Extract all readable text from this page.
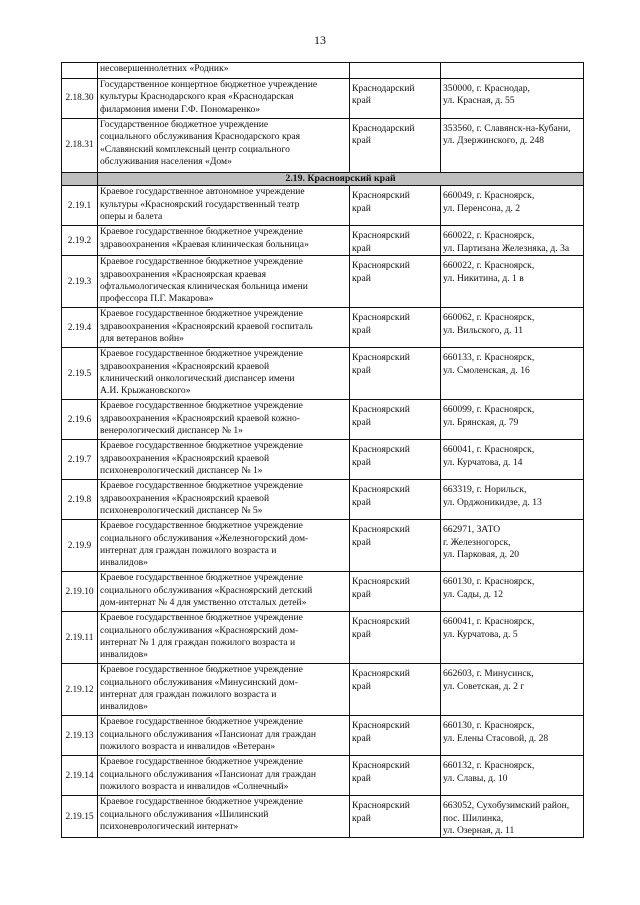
13

	несовершеннолетних «Родник»		

2.18.30	Государственное концертное бюджетное учреждение
культуры Краснодарского края «Краснодарская
филармония имени Г.Ф. Пономаренко»	Краснодарский
край	350000, г. Краснодар,
ул. Красная, д. 55

2.18.31	Государственное бюджетное учреждение
социального обслуживания Краснодарского края
«Славянский комплексный центр социального
обслуживания населения «Дом»	Краснодарский
край	353560, г. Славянск-на-Кубани,
ул. Дзержинского, д. 248

	2.19. Красноярский край		
2.19.1	Краевое государственное автономное учреждение
культуры «Красноярский государственный театр
оперы и балета	Красноярский
край	660049, г. Красноярск,
ул. Перенсона, д. 2

2.19.2	Краевое государственное бюджетное учреждение
здравоохранения «Краевая клиническая больница»	Красноярский
край	660022, г. Красноярск,
ул. Партизана Железняка, д. 3а

2.19.3	Краевое государственное бюджетное учреждение
здравоохранения «Красноярская краевая
офтальмологическая клиническая больница имени
профессора П.Г. Макарова»	Красноярский
край	660022, г. Красноярск,
ул. Никитина, д. 1 в

2.19.4	Краевое государственное бюджетное учреждение
здравоохранения «Красноярский краевой госпиталь
для ветеранов войн»	Красноярский
край	660062, г. Красноярск,
ул. Вильского, д. 11

2.19.5	Краевое государственное бюджетное учреждение
здравоохранения «Красноярский краевой
клинический онкологический диспансер имени
А.И. Крыжановского»	Красноярский
край	660133, г. Красноярск,
ул. Смоленская, д. 16

2.19.6	Краевое государственное бюджетное учреждение
здравоохранения «Красноярский краевой кожно-
венерологический диспансер № 1»	Красноярский
край	660099, г. Красноярск,
ул. Брянская, д. 79

2.19.7	Краевое государственное бюджетное учреждение
здравоохранения «Красноярский краевой
психоневрологический диспансер № 1»	Красноярский
край	660041, г. Красноярск,
ул. Курчатова, д. 14

2.19.8	Краевое государственное бюджетное учреждение
здравоохранения «Красноярский краевой
психоневрологический диспансер № 5»	Красноярский
край	663319, г. Норильск,
ул. Орджоникидзе, д. 13

2.19.9	Краевое государственное бюджетное учреждение
социального обслуживания «Железногорский дом-
интернат для граждан пожилого возраста и
инвалидов»	Красноярский
край	662971, ЗАТО
г. Железногорск,
ул. Парковая, д. 20

2.19.10	Краевое государственное бюджетное учреждение
социального обслуживания «Красноярский детский
дом-интернат № 4 для умственно отсталых детей»	Красноярский
край	660130, г. Красноярск,
ул. Сады, д. 12

2.19.11	Краевое государственное бюджетное учреждение
социального обслуживания «Красноярский дом-
интернат № 1 для граждан пожилого возраста и
инвалидов»	Красноярский
край	660041, г. Красноярск,
ул. Курчатова, д. 5

2.19.12	Краевое государственное бюджетное учреждение
социального обслуживания «Минусинский дом-
интернат для граждан пожилого возраста и
инвалидов»	Красноярский
край	662603, г. Минусинск,
ул. Советская, д. 2 г

2.19.13	Краевое государственное бюджетное учреждение
социального обслуживания «Пансионат для граждан
пожилого возраста и инвалидов «Ветеран»	Красноярский
край	660130, г. Красноярск,
ул. Елены Стасовой, д. 28

2.19.14	Краевое государственное бюджетное учреждение
социального обслуживания «Пансионат для граждан
пожилого возраста и инвалидов «Солнечный»	Красноярский
край	660132, г. Красноярск,
ул. Славы, д. 10

2.19.15	Краевое государственное бюджетное учреждение
социального обслуживания «Шилинский
психоневрологический интернат»	Красноярский
край	663052, Сухобузимский район,
пос. Шилинка,
ул. Озерная, д. 11
